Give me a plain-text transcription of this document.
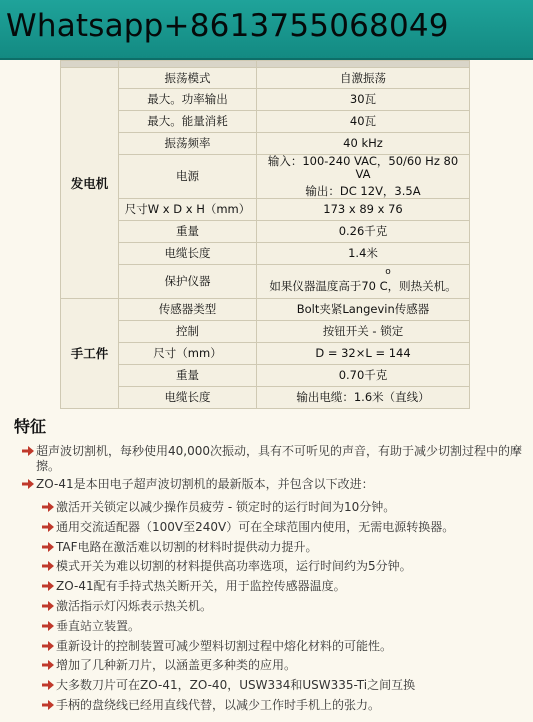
Whatsapp+8613755068049

发电机	振荡模式	自激振荡
	最大。功率输出	30瓦
	最大。能量消耗	40瓦
	振荡频率	40 kHz
	电源	输入：100-240 VAC，50/60 Hz 80 VA
输出：DC 12V，3.5A

	尺寸W x D x H（mm）	173 x 89 x 76
	重量	0.26千克
	电缆长度	1.4米
	保护仪器	o
如果仪器温度高于70 C，则热关机。

手工件	传感器类型	Bolt夹紧Langevin传感器
	控制	按钮开关 - 锁定
	尺寸（mm）	D = 32×L = 144
	重量	0.70千克
	电缆长度	输出电缆：1.6米（直线）
特征
超声波切割机，每秒使用40,000次振动，具有不可听见的声音，有助于减少切割过程中的摩擦。
ZO-41是本田电子超声波切割机的最新版本，并包含以下改进：
激活开关锁定以减少操作员疲劳 - 锁定时的运行时间为10分钟。
通用交流适配器（100V至240V）可在全球范围内使用，无需电源转换器。
TAF电路在激活难以切割的材料时提供动力提升。
模式开关为难以切割的材料提供高功率选项，运行时间约为5分钟。
ZO-41配有手持式热关断开关，用于监控传感器温度。
激活指示灯闪烁表示热关机。
垂直站立装置。
重新设计的控制装置可减少塑料切割过程中熔化材料的可能性。
增加了几种新刀片，以涵盖更多种类的应用。
大多数刀片可在ZO-41，ZO-40，USW334和USW335-Ti之间互换
手柄的盘绕线已经用直线代替，以减少工作时手机上的张力。
